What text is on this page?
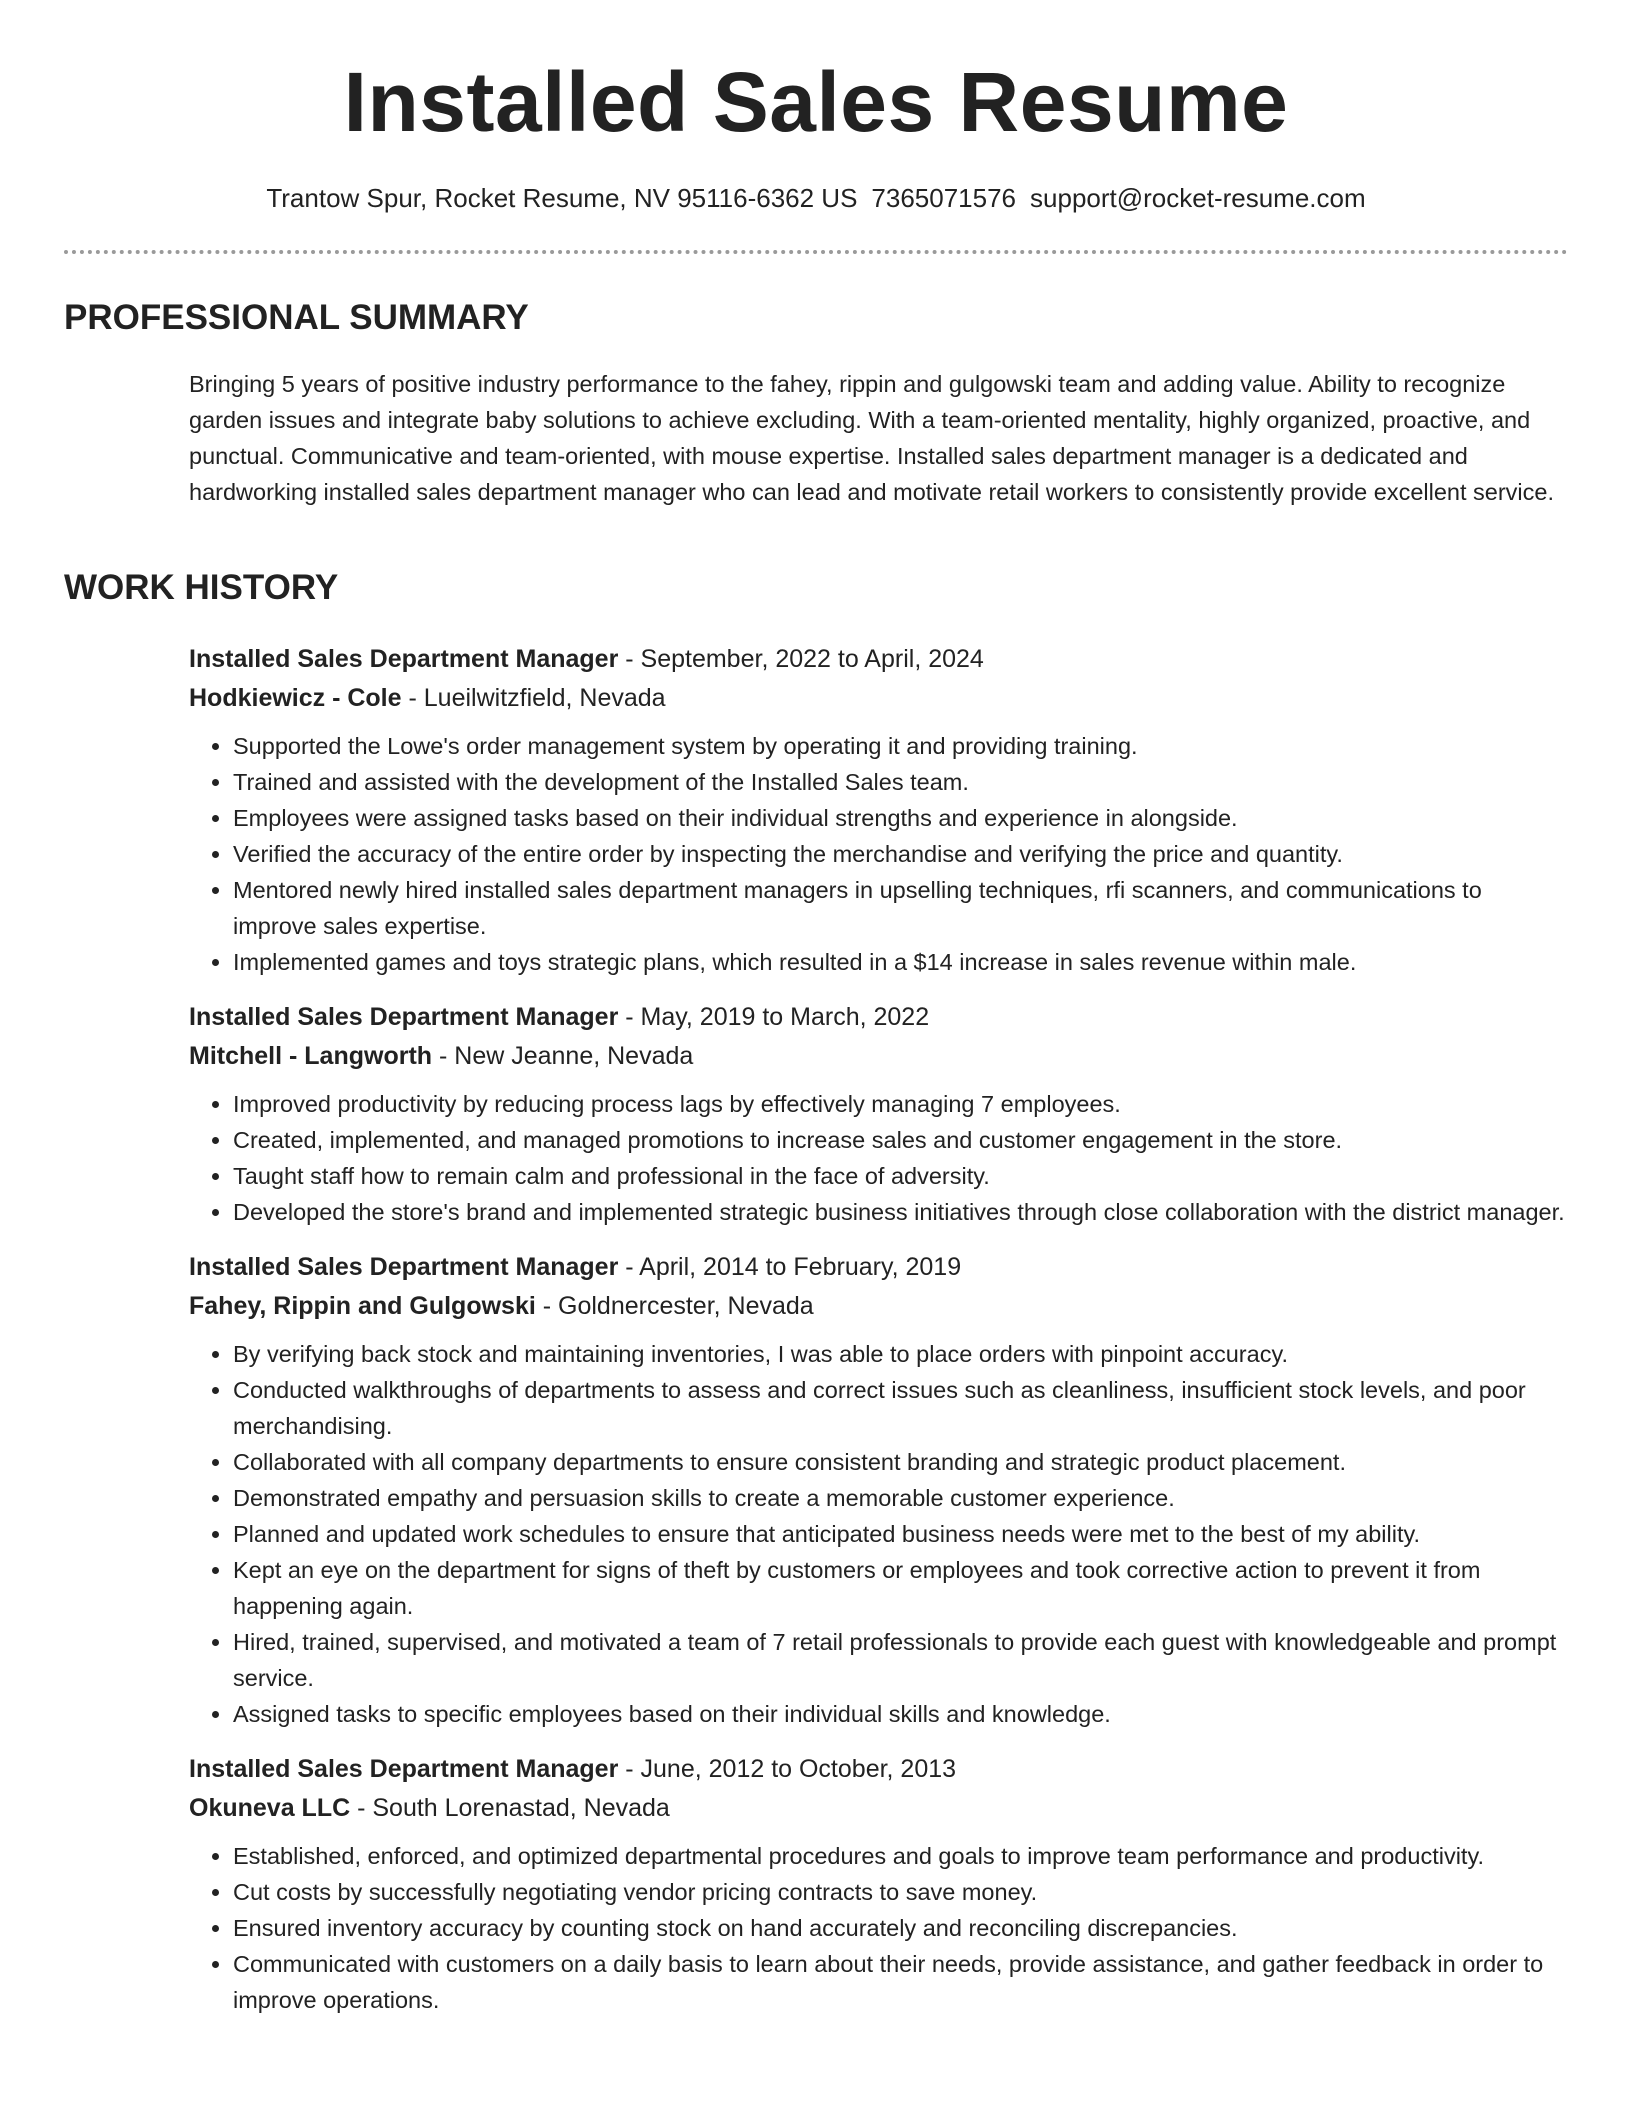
Installed Sales Resume
Trantow Spur, Rocket Resume, NV 95116-6362 US 7365071576 support@rocket-resume.com
PROFESSIONAL SUMMARY

Bringing 5 years of positive industry performance to the fahey, rippin and gulgowski team and adding value. Ability to recognize garden issues and integrate baby solutions to achieve excluding. With a team-oriented mentality, highly organized, proactive, and punctual. Communicative and team-oriented, with mouse expertise. Installed sales department manager is a dedicated and hardworking installed sales department manager who can lead and motivate retail workers to consistently provide excellent service.

WORK HISTORY
Installed Sales Department Manager - September, 2022 to April, 2024
Hodkiewicz - Cole - Lueilwitzfield, Nevada
• Supported the Lowe's order management system by operating it and providing training.
• Trained and assisted with the development of the Installed Sales team.
• Employees were assigned tasks based on their individual strengths and experience in alongside.
• Verified the accuracy of the entire order by inspecting the merchandise and verifying the price and quantity.
• Mentored newly hired installed sales department managers in upselling techniques, rfi scanners, and communications to improve sales expertise.
• Implemented games and toys strategic plans, which resulted in a $14 increase in sales revenue within male.
Installed Sales Department Manager - May, 2019 to March, 2022
Mitchell - Langworth - New Jeanne, Nevada
• Improved productivity by reducing process lags by effectively managing 7 employees.
• Created, implemented, and managed promotions to increase sales and customer engagement in the store.
• Taught staff how to remain calm and professional in the face of adversity.
• Developed the store's brand and implemented strategic business initiatives through close collaboration with the district manager.
Installed Sales Department Manager - April, 2014 to February, 2019
Fahey, Rippin and Gulgowski - Goldnercester, Nevada
• By verifying back stock and maintaining inventories, I was able to place orders with pinpoint accuracy.
• Conducted walkthroughs of departments to assess and correct issues such as cleanliness, insufficient stock levels, and poor merchandising.
• Collaborated with all company departments to ensure consistent branding and strategic product placement.
• Demonstrated empathy and persuasion skills to create a memorable customer experience.
• Planned and updated work schedules to ensure that anticipated business needs were met to the best of my ability.
• Kept an eye on the department for signs of theft by customers or employees and took corrective action to prevent it from happening again.
• Hired, trained, supervised, and motivated a team of 7 retail professionals to provide each guest with knowledgeable and prompt service.
• Assigned tasks to specific employees based on their individual skills and knowledge.
Installed Sales Department Manager - June, 2012 to October, 2013
Okuneva LLC - South Lorenastad, Nevada
• Established, enforced, and optimized departmental procedures and goals to improve team performance and productivity.
• Cut costs by successfully negotiating vendor pricing contracts to save money.
• Ensured inventory accuracy by counting stock on hand accurately and reconciling discrepancies.
• Communicated with customers on a daily basis to learn about their needs, provide assistance, and gather feedback in order to improve operations.
